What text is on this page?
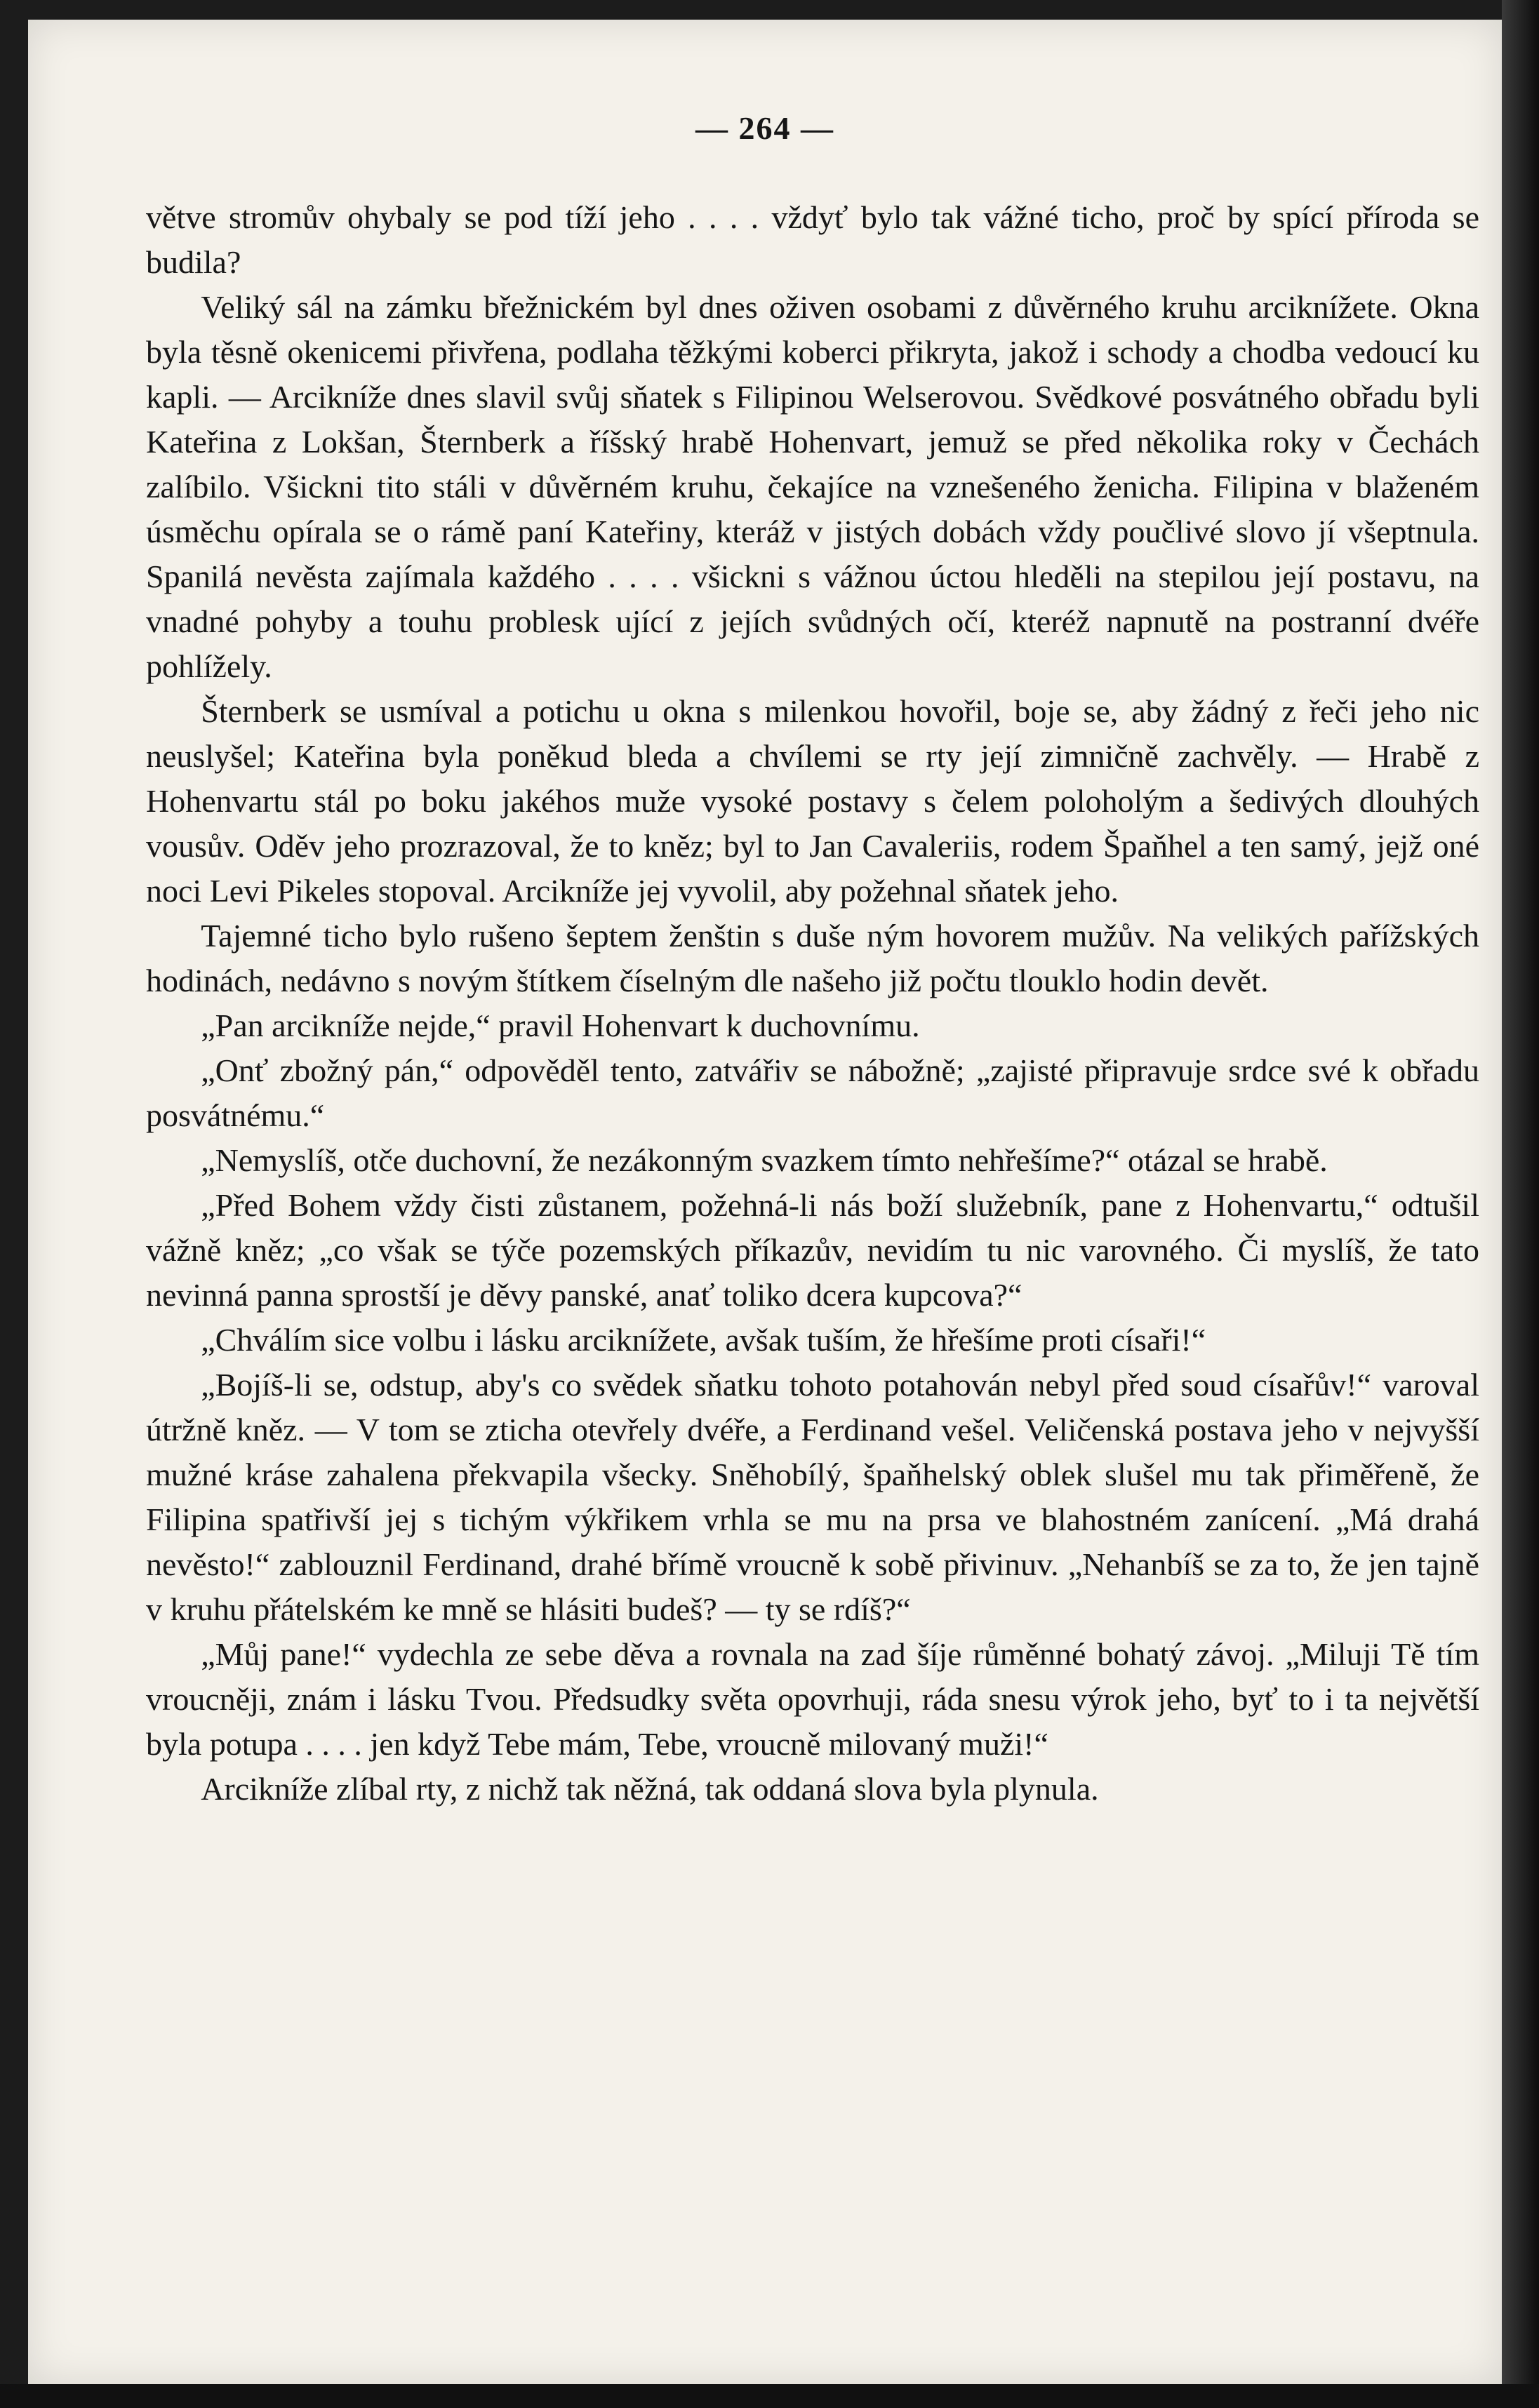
— 264 —

větve stromův ohybaly se pod tíží jeho . . . . vždyť bylo tak vážné ticho, proč by spící příroda se budila?

Veliký sál na zámku břežnickém byl dnes oživen osobami z důvěrného kruhu arciknížete. Okna byla těsně okenicemi přivřena, podlaha těžkými koberci přikryta, jakož i schody a chodba vedoucí ku kapli. — Arcikníže dnes slavil svůj sňatek s Filipinou Welserovou. Svědkové posvátného obřadu byli Kateřina z Lokšan, Šternberk a říšský hrabě Hohenvart, jemuž se před několika roky v Čechách zalíbilo. Všickni tito stáli v důvěrném kruhu, čekajíce na vznešeného ženicha. Filipina v blaženém úsměchu opírala se o rámě paní Kateřiny, kteráž v jistých dobách vždy poučlivé slovo jí všeptnula. Spanilá nevěsta zajímala každého . . . . všickni s vážnou úctou hleděli na stepilou její postavu, na vnadné pohyby a touhu problesk ující z jejích svůdných očí, kteréž napnutě na postranní dvéře pohlížely.

Šternberk se usmíval a potichu u okna s milenkou hovořil, boje se, aby žádný z řeči jeho nic neuslyšel; Kateřina byla poněkud bleda a chvílemi se rty její zimničně zachvěly. — Hrabě z Hohenvartu stál po boku jakéhos muže vysoké postavy s čelem poloholým a šedivých dlouhých vousův. Oděv jeho prozrazoval, že to kněz; byl to Jan Cavaleriis, rodem Špaňhel a ten samý, jejž oné noci Levi Pikeles stopoval. Arcikníže jej vyvolil, aby požehnal sňatek jeho.

Tajemné ticho bylo rušeno šeptem ženštin s duše ným hovorem mužův. Na velikých pařížských hodinách, nedávno s novým štítkem číselným dle našeho již počtu tlouklo hodin devět.

„Pan arcikníže nejde,“ pravil Hohenvart k duchovnímu.

„Onť zbožný pán,“ odpověděl tento, zatvářiv se nábožně; „zajisté připravuje srdce své k obřadu posvátnému.“

„Nemyslíš, otče duchovní, že nezákonným svazkem tímto nehřešíme?“ otázal se hrabě.

„Před Bohem vždy čisti zůstanem, požehná-li nás boží služebník, pane z Hohenvartu,“ odtušil vážně kněz; „co však se týče pozemských příkazův, nevidím tu nic varovného. Či myslíš, že tato nevinná panna sprostší je děvy panské, anať toliko dcera kupcova?“

„Chválím sice volbu i lásku arciknížete, avšak tuším, že hřešíme proti císaři!“

„Bojíš-li se, odstup, aby's co svědek sňatku tohoto potahován nebyl před soud císařův!“ varoval útržně kněz. — V tom se zticha otevřely dvéře, a Ferdinand vešel. Veličenská postava jeho v nejvyšší mužné kráse zahalena překvapila všecky. Sněhobílý, špaňhelský oblek slušel mu tak přiměřeně, že Filipina spatřivší jej s tichým výkřikem vrhla se mu na prsa ve blahostném zanícení. „Má drahá nevěsto!“ zablouznil Ferdinand, drahé břímě vroucně k sobě přivinuv. „Nehanbíš se za to, že jen tajně v kruhu přátelském ke mně se hlásiti budeš? — ty se rdíš?“

„Můj pane!“ vydechla ze sebe děva a rovnala na zad šíje růměnné bohatý závoj. „Miluji Tě tím vroucněji, znám i lásku Tvou. Předsudky světa opovrhuji, ráda snesu výrok jeho, byť to i ta největší byla potupa . . . . jen když Tebe mám, Tebe, vroucně milovaný muži!“

Arcikníže zlíbal rty, z nichž tak něžná, tak oddaná slova byla plynula.
